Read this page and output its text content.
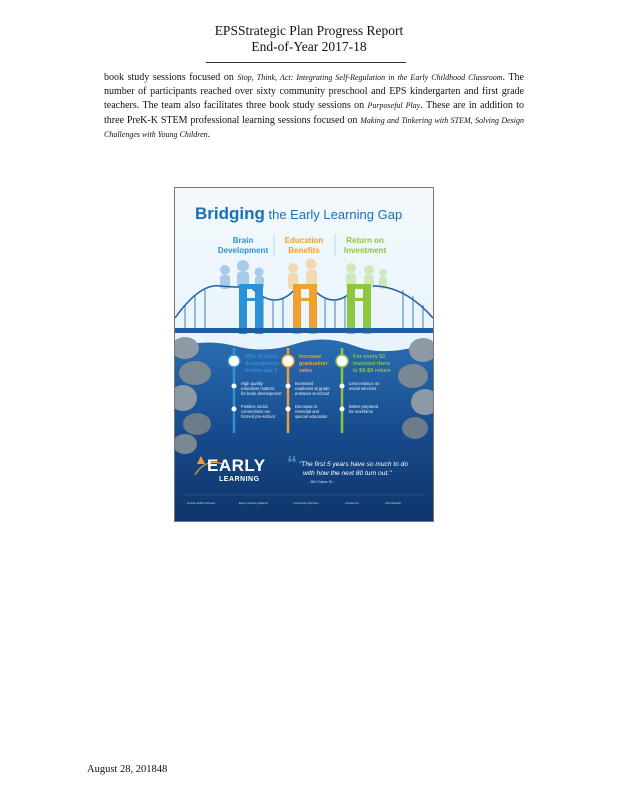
EPSStrategic Plan Progress Report
End-of-Year 2017-18
book study sessions focused on Stop, Think, Act: Integrating Self-Regulation in the Early Childhood Classroom. The number of participants reached over sixty community preschool and EPS kindergarten and first grade teachers. The team also facilitates three book study sessions on Purposeful Play. These are in addition to three PreK-K STEM professional learning sessions focused on Making and Tinkering with STEM, Solving Design Challenges with Young Children.
Bridging the Early Learning Gap
Brain
Development
Education
Benefits
Return on
Investment
90% of brain
development
before age 5
Increase
graduation
rates
For every $1
invested there
is $4-$9 return
High quality
education matters
for brain development
Positive social
connections are
formed pre-school
Increased
readiness at grade
entrance to school
Decrease in
remedial and
special education
Less reliance on
social services
Better prepared
for workforce
EARLY
LEARNING
“ "The first 5 years have so much to do
with how the next 80 turn out."
- Bill Gates Sr.
Lincoln Public Schools	Early Learning Network	Community Partners	Contact Us	Visit Website
August 28, 201848
